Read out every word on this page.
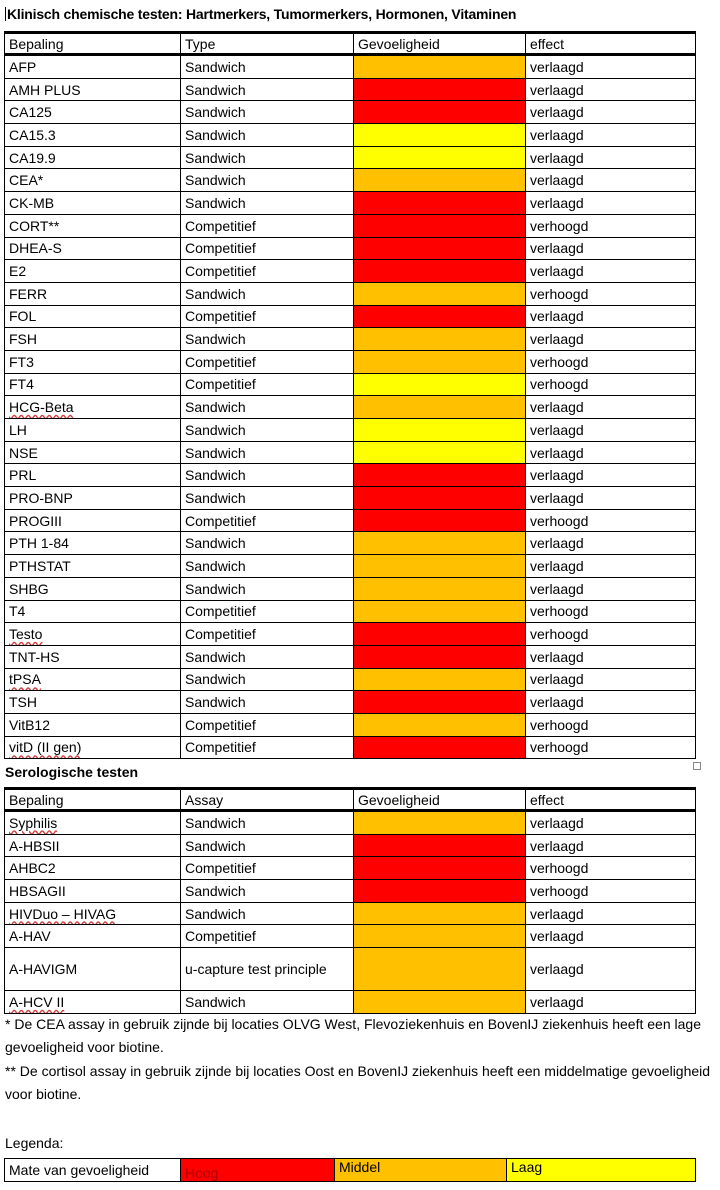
Klinisch chemische testen: Hartmerkers, Tumormerkers, Hormonen, Vitaminen
Bepaling	Type	Gevoeligheid	effect
AFP	Sandwich		verlaagd
AMH PLUS	Sandwich		verlaagd
CA125	Sandwich		verlaagd
CA15.3	Sandwich		verlaagd
CA19.9	Sandwich		verlaagd
CEA*	Sandwich		verlaagd
CK-MB	Sandwich		verlaagd
CORT**	Competitief		verhoogd
DHEA-S	Competitief		verlaagd
E2	Competitief		verlaagd
FERR	Sandwich		verhoogd
FOL	Competitief		verlaagd
FSH	Sandwich		verlaagd
FT3	Competitief		verhoogd
FT4	Competitief		verhoogd
HCG-Beta	Sandwich		verlaagd
LH	Sandwich		verlaagd
NSE	Sandwich		verlaagd
PRL	Sandwich		verlaagd
PRO-BNP	Sandwich		verlaagd
PROGIII	Competitief		verhoogd
PTH 1-84	Sandwich		verlaagd
PTHSTAT	Sandwich		verlaagd
SHBG	Sandwich		verlaagd
T4	Competitief		verhoogd
Testo	Competitief		verhoogd
TNT-HS	Sandwich		verlaagd
tPSA	Sandwich		verlaagd
TSH	Sandwich		verlaagd
VitB12	Competitief		verhoogd
vitD (II gen)	Competitief		verhoogd
Serologische testen
Bepaling	Assay	Gevoeligheid	effect
Syphilis	Sandwich		verlaagd
A-HBSII	Sandwich		verlaagd
AHBC2	Competitief		verhoogd
HBSAGII	Sandwich		verhoogd
HIVDuo – HIVAG	Sandwich		verlaagd
A-HAV	Competitief		verlaagd
A-HAVIGM	u-capture test principle		verlaagd
A-HCV II	Sandwich		verlaagd
* De CEA assay in gebruik zijnde bij locaties OLVG West, Flevoziekenhuis en BovenIJ ziekenhuis heeft een lage gevoeligheid voor biotine.
** De cortisol assay in gebruik zijnde bij locaties Oost en BovenIJ ziekenhuis heeft een middelmatige gevoeligheid voor biotine.
Legenda:
Mate van gevoeligheid	Hoog	Middel	Laag
